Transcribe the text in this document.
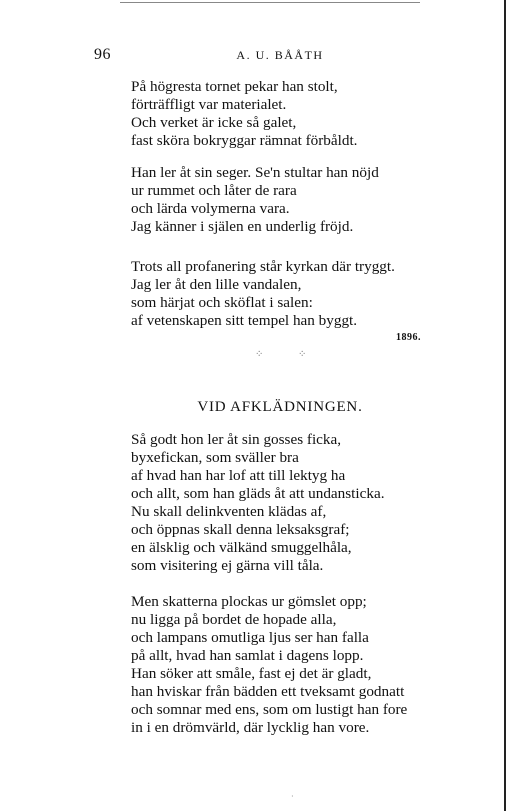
96	A. U. BÅÅTH
På högresta tornet pekar han stolt,
förträffligt var materialet.
Och verket är icke så galet,
fast sköra bokryggar rämnat förbåldt.
Han ler åt sin seger. Se'n stultar han nöjd
ur rummet och låter de rara
och lärda volymerna vara.
Jag känner i själen en underlig fröjd.
Trots all profanering står kyrkan där tryggt.
Jag ler åt den lille vandalen,
som härjat och sköflat i salen:
af vetenskapen sitt tempel han byggt.
1896.
⁘	⁘
VID AFKLÄDNINGEN.
Så godt hon ler åt sin gosses ficka,
byxefickan, som sväller bra
af hvad han har lof att till lektyg ha
och allt, som han gläds åt att undansticka.
Nu skall delinkventen klädas af,
och öppnas skall denna leksaksgraf;
en älsklig och välkänd smuggelhåla,
som visitering ej gärna vill tåla.
Men skatterna plockas ur gömslet opp;
nu ligga på bordet de hopade alla,
och lampans omutliga ljus ser han falla
på allt, hvad han samlat i dagens lopp.
Han söker att småle, fast ej det är gladt,
han hviskar från bädden ett tveksamt godnatt
och somnar med ens, som om lustigt han fore
in i en drömvärld, där lycklig han vore.
·
